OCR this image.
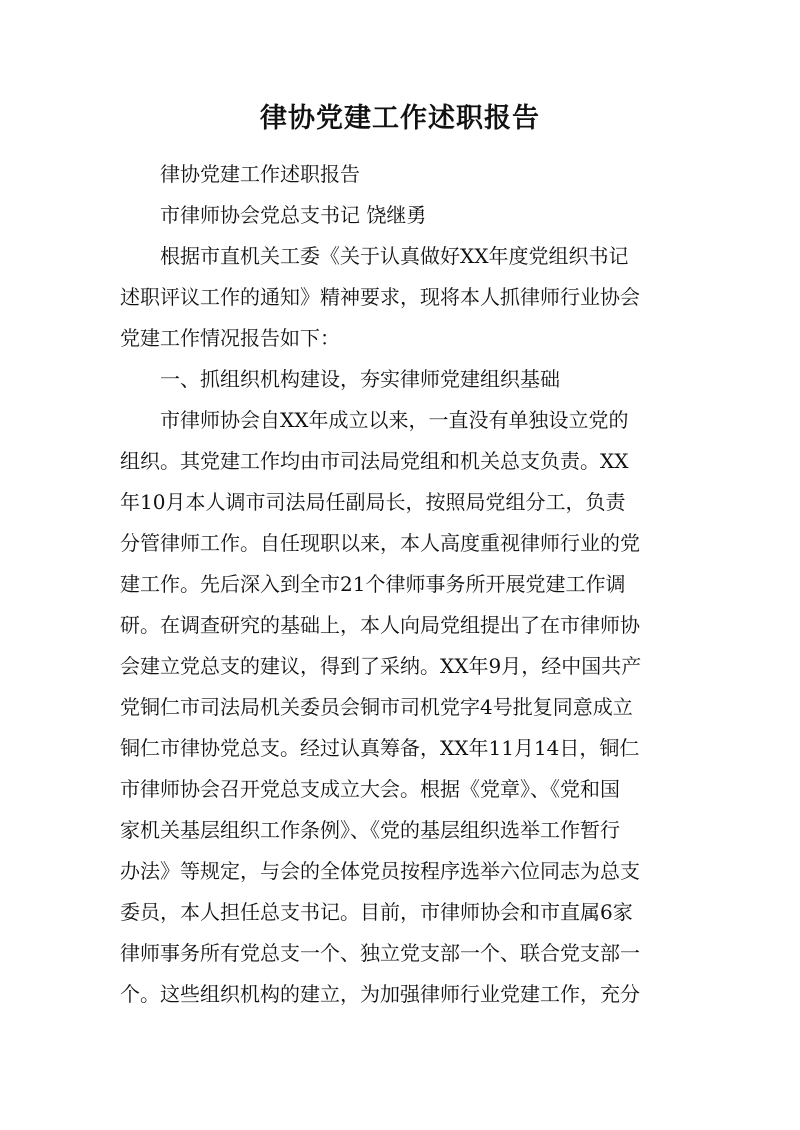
律协党建工作述职报告

律协党建工作述职报告

市律师协会党总支书记 饶继勇

根据市直机关工委《关于认真做好XX年度党组织书记
述职评议工作的通知》精神要求，现将本人抓律师行业协会
党建工作情况报告如下：

一、抓组织机构建设，夯实律师党建组织基础

市律师协会自XX年成立以来，一直没有单独设立党的
组织。其党建工作均由市司法局党组和机关总支负责。XX
年10月本人调市司法局任副局长，按照局党组分工，负责
分管律师工作。自任现职以来，本人高度重视律师行业的党
建工作。先后深入到全市21个律师事务所开展党建工作调
研。在调查研究的基础上，本人向局党组提出了在市律师协
会建立党总支的建议，得到了采纳。XX年9月，经中国共产
党铜仁市司法局机关委员会铜市司机党字4号批复同意成立
铜仁市律协党总支。经过认真筹备，XX年11月14日，铜仁
市律师协会召开党总支成立大会。根据《党章》、《党和国
家机关基层组织工作条例》、《党的基层组织选举工作暂行
办法》等规定，与会的全体党员按程序选举六位同志为总支
委员，本人担任总支书记。目前，市律师协会和市直属6家
律师事务所有党总支一个、独立党支部一个、联合党支部一
个。这些组织机构的建立，为加强律师行业党建工作，充分
